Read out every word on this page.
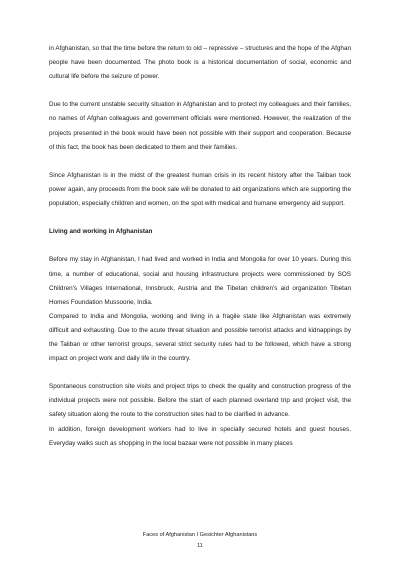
in Afghanistan, so that the time before the return to old – repressive – structures and the hope of the Afghan people have been documented. The photo book is a historical documentation of social, economic and cultural life before the seizure of power.

Due to the current unstable security situation in Afghanistan and to protect my colleagues and their families, no names of Afghan colleagues and government officials were mentioned. However, the realization of the projects presented in the book would have been not possible with their support and cooperation. Because of this fact, the book has been dedicated to them and their families.

Since Afghanistan is in the midst of the greatest human crisis in its recent history after the Taliban took power again, any proceeds from the book sale will be donated to aid organizations which are supporting the population, especially children and women, on the spot with medical and humane emergency aid support.

Living and working in Afghanistan

Before my stay in Afghanistan, I had lived and worked in India and Mongolia for over 10 years. During this time, a number of educational, social and housing infrastructure projects were commissioned by SOS Children's Villages International, Innsbruck, Austria and the Tibetan children's aid organization Tibetan Homes Foundation Mussoorie, India.

Compared to India and Mongolia, working and living in a fragile state like Afghanistan was extremely difficult and exhausting. Due to the acute threat situation and possible terrorist attacks and kidnappings by the Taliban or other terrorist groups, several strict security rules had to be followed, which have a strong impact on project work and daily life in the country.

Spontaneous construction site visits and project trips to check the quality and construction progress of the individual projects were not possible. Before the start of each planned overland trip and project visit, the safety situation along the route to the construction sites had to be clarified in advance.

In addition, foreign development workers had to live in specially secured hotels and guest houses. Everyday walks such as shopping in the local bazaar were not possible in many places

Faces of Afghanistan I Gesichter Afghanistans
11
